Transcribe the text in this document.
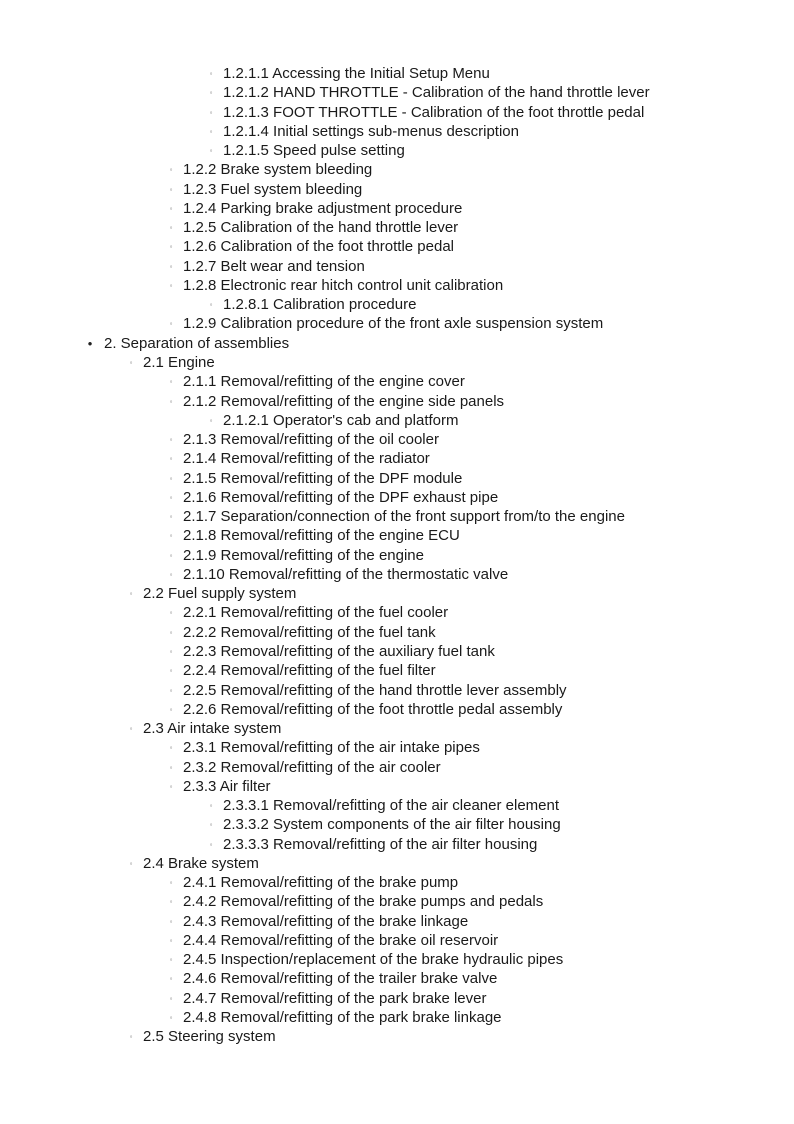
◦ 1.2.1.1 Accessing the Initial Setup Menu
◦ 1.2.1.2 HAND THROTTLE - Calibration of the hand throttle lever
◦ 1.2.1.3 FOOT THROTTLE - Calibration of the foot throttle pedal
◦ 1.2.1.4 Initial settings sub-menus description
◦ 1.2.1.5 Speed pulse setting
◦ 1.2.2 Brake system bleeding
◦ 1.2.3 Fuel system bleeding
◦ 1.2.4 Parking brake adjustment procedure
◦ 1.2.5 Calibration of the hand throttle lever
◦ 1.2.6 Calibration of the foot throttle pedal
◦ 1.2.7 Belt wear and tension
◦ 1.2.8 Electronic rear hitch control unit calibration
◦ 1.2.8.1 Calibration procedure
◦ 1.2.9 Calibration procedure of the front axle suspension system
• 2. Separation of assemblies
◦ 2.1 Engine
◦ 2.1.1 Removal/refitting of the engine cover
◦ 2.1.2 Removal/refitting of the engine side panels
◦ 2.1.2.1 Operator's cab and platform
◦ 2.1.3 Removal/refitting of the oil cooler
◦ 2.1.4 Removal/refitting of the radiator
◦ 2.1.5 Removal/refitting of the DPF module
◦ 2.1.6 Removal/refitting of the DPF exhaust pipe
◦ 2.1.7 Separation/connection of the front support from/to the engine
◦ 2.1.8 Removal/refitting of the engine ECU
◦ 2.1.9 Removal/refitting of the engine
◦ 2.1.10 Removal/refitting of the thermostatic valve
◦ 2.2 Fuel supply system
◦ 2.2.1 Removal/refitting of the fuel cooler
◦ 2.2.2 Removal/refitting of the fuel tank
◦ 2.2.3 Removal/refitting of the auxiliary fuel tank
◦ 2.2.4 Removal/refitting of the fuel filter
◦ 2.2.5 Removal/refitting of the hand throttle lever assembly
◦ 2.2.6 Removal/refitting of the foot throttle pedal assembly
◦ 2.3 Air intake system
◦ 2.3.1 Removal/refitting of the air intake pipes
◦ 2.3.2 Removal/refitting of the air cooler
◦ 2.3.3 Air filter
◦ 2.3.3.1 Removal/refitting of the air cleaner element
◦ 2.3.3.2 System components of the air filter housing
◦ 2.3.3.3 Removal/refitting of the air filter housing
◦ 2.4 Brake system
◦ 2.4.1 Removal/refitting of the brake pump
◦ 2.4.2 Removal/refitting of the brake pumps and pedals
◦ 2.4.3 Removal/refitting of the brake linkage
◦ 2.4.4 Removal/refitting of the brake oil reservoir
◦ 2.4.5 Inspection/replacement of the brake hydraulic pipes
◦ 2.4.6 Removal/refitting of the trailer brake valve
◦ 2.4.7 Removal/refitting of the park brake lever
◦ 2.4.8 Removal/refitting of the park brake linkage
◦ 2.5 Steering system
